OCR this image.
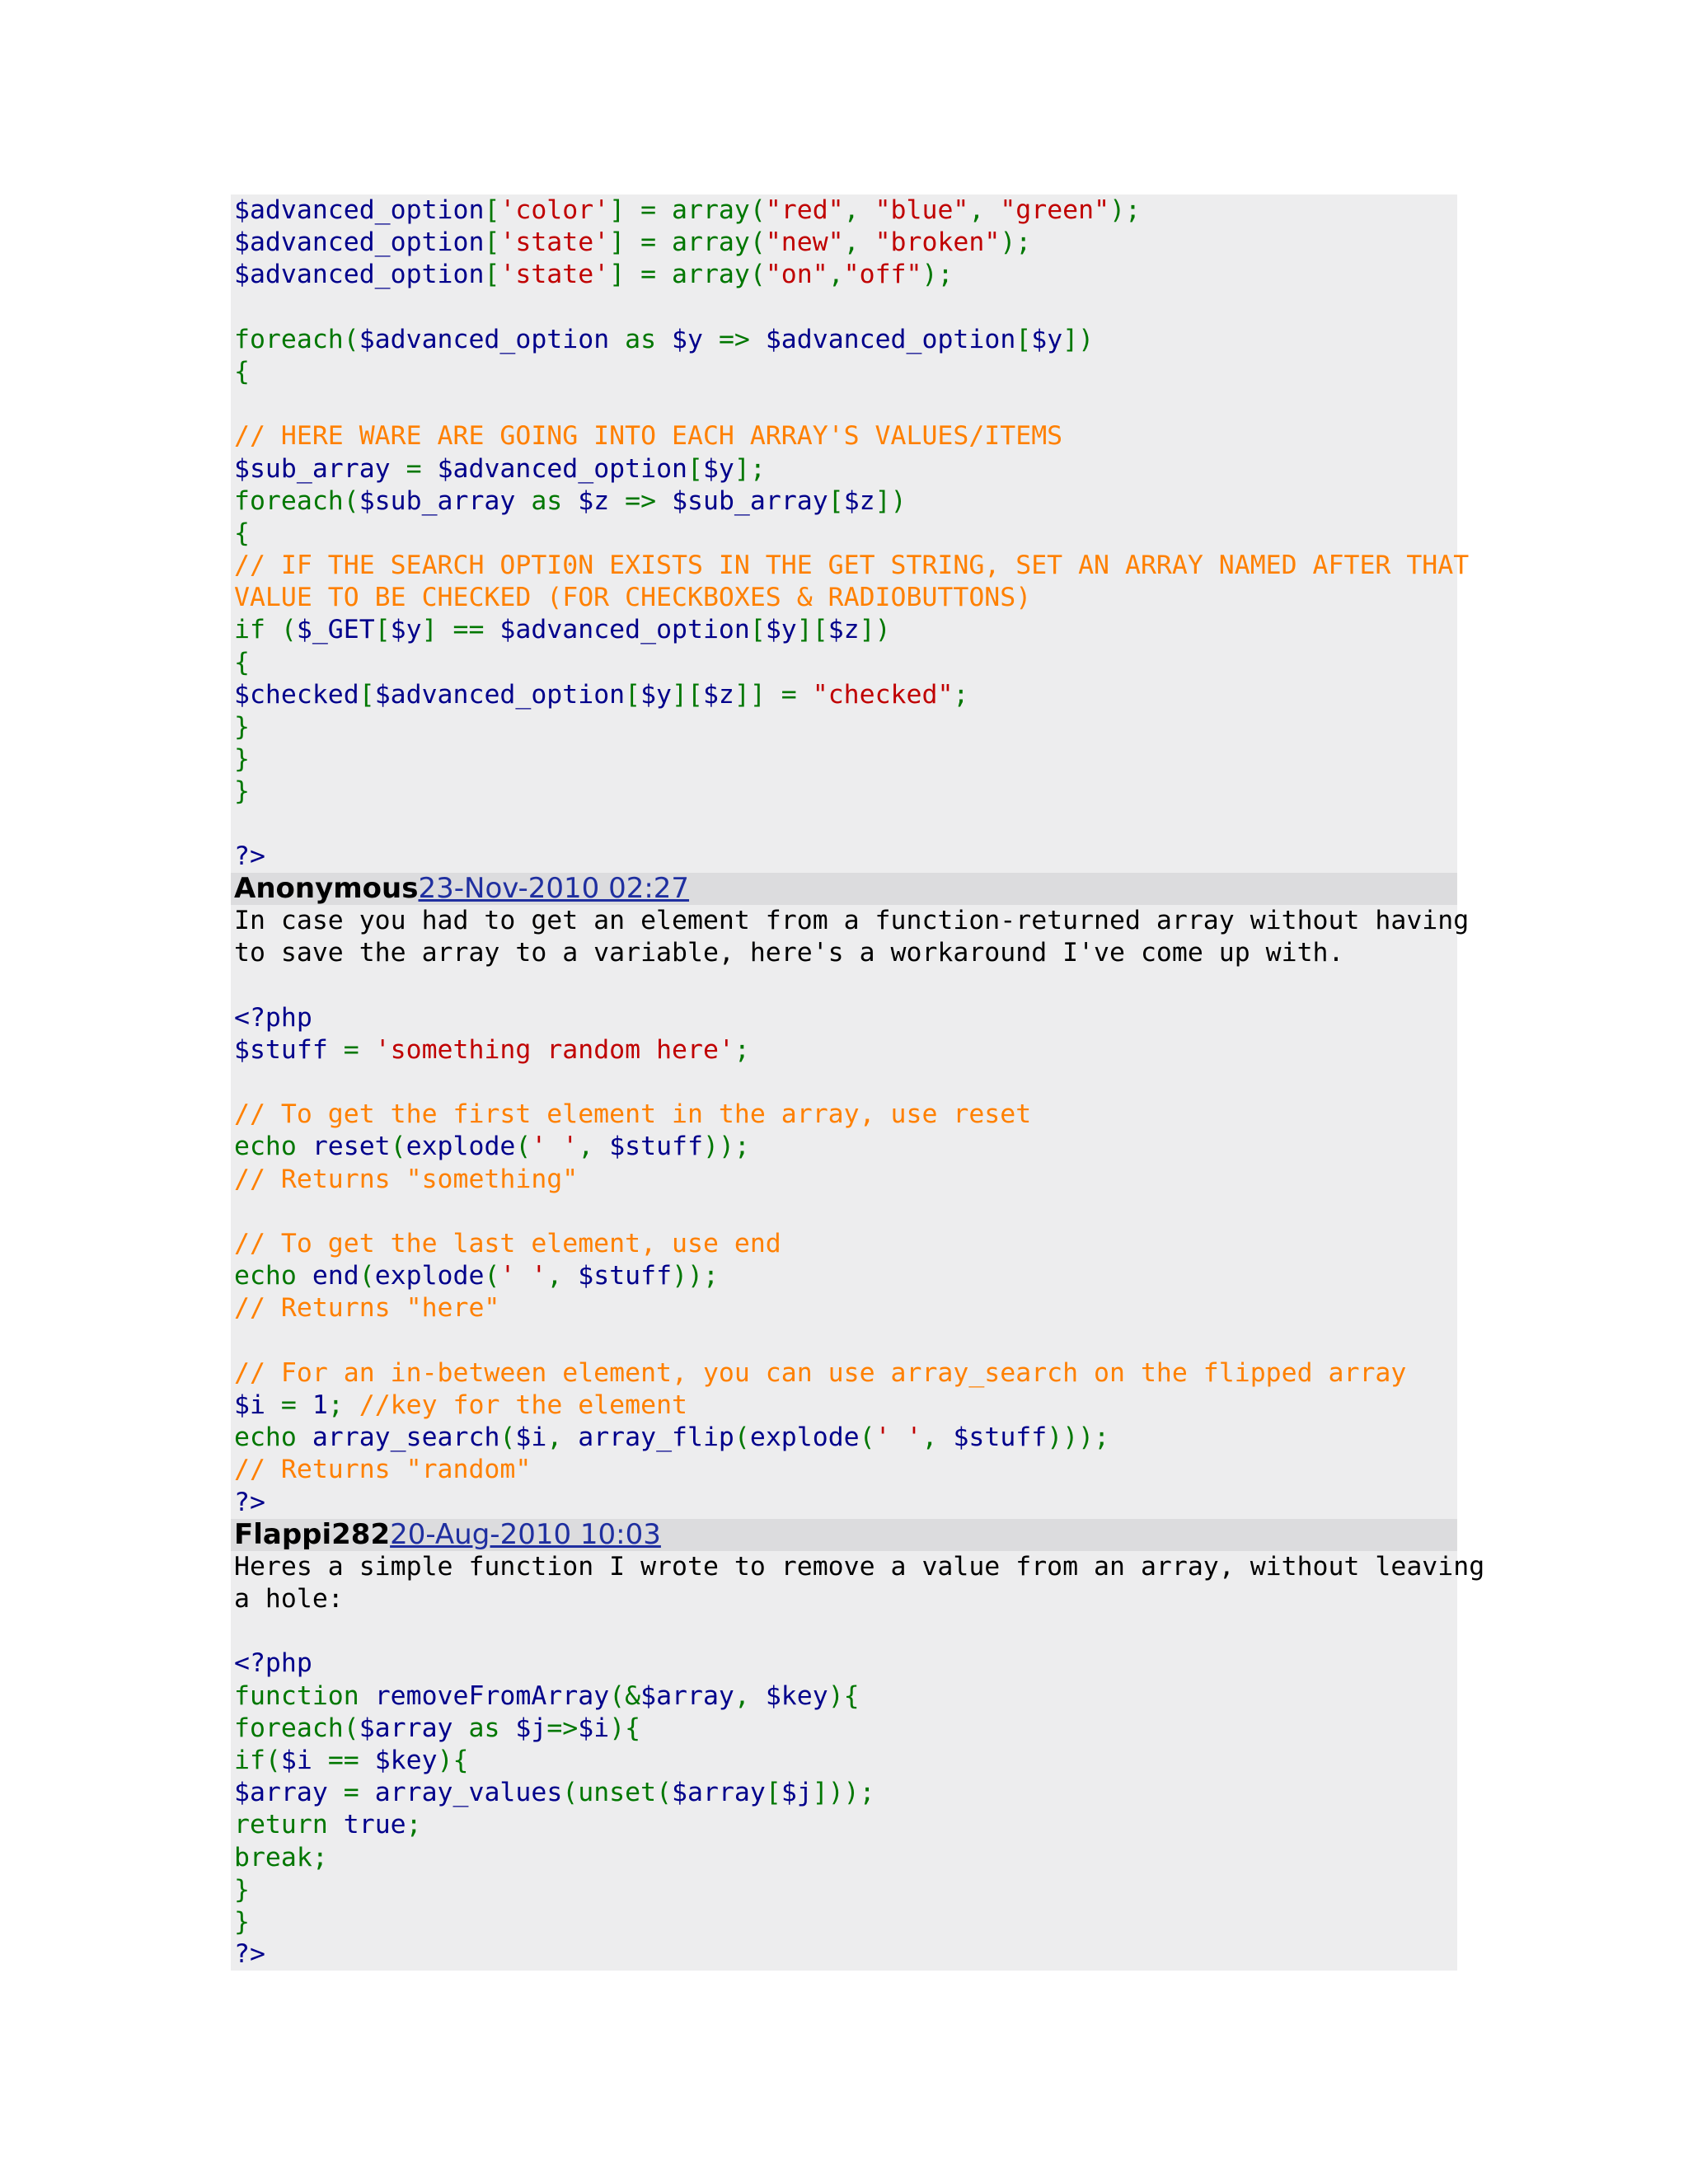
$advanced_option['color'] = array("red", "blue", "green");
$advanced_option['state'] = array("new", "broken");
$advanced_option['state'] = array("on","off");
foreach($advanced_option as $y => $advanced_option[$y])
{
// HERE WARE ARE GOING INTO EACH ARRAY'S VALUES/ITEMS
$sub_array = $advanced_option[$y];
foreach($sub_array as $z => $sub_array[$z])
{
// IF THE SEARCH OPTI0N EXISTS IN THE GET STRING, SET AN ARRAY NAMED AFTER THAT
VALUE TO BE CHECKED (FOR CHECKBOXES & RADIOBUTTONS)
if ($_GET[$y] == $advanced_option[$y][$z])
{
$checked[$advanced_option[$y][$z]] = "checked";
}
}
}
?>
Anonymous23-Nov-2010 02:27
In case you had to get an element from a function-returned array without having
to save the array to a variable, here's a workaround I've come up with.
<?php
$stuff = 'something random here';
// To get the first element in the array, use reset
echo reset(explode(' ', $stuff));
// Returns "something"
// To get the last element, use end
echo end(explode(' ', $stuff));
// Returns "here"
// For an in-between element, you can use array_search on the flipped array
$i = 1; //key for the element
echo array_search($i, array_flip(explode(' ', $stuff)));
// Returns "random"
?>
Flappi28220-Aug-2010 10:03
Heres a simple function I wrote to remove a value from an array, without leaving
a hole:
<?php
function removeFromArray(&$array, $key){
foreach($array as $j=>$i){
if($i == $key){
$array = array_values(unset($array[$j]));
return true;
break;
}
}
?>
